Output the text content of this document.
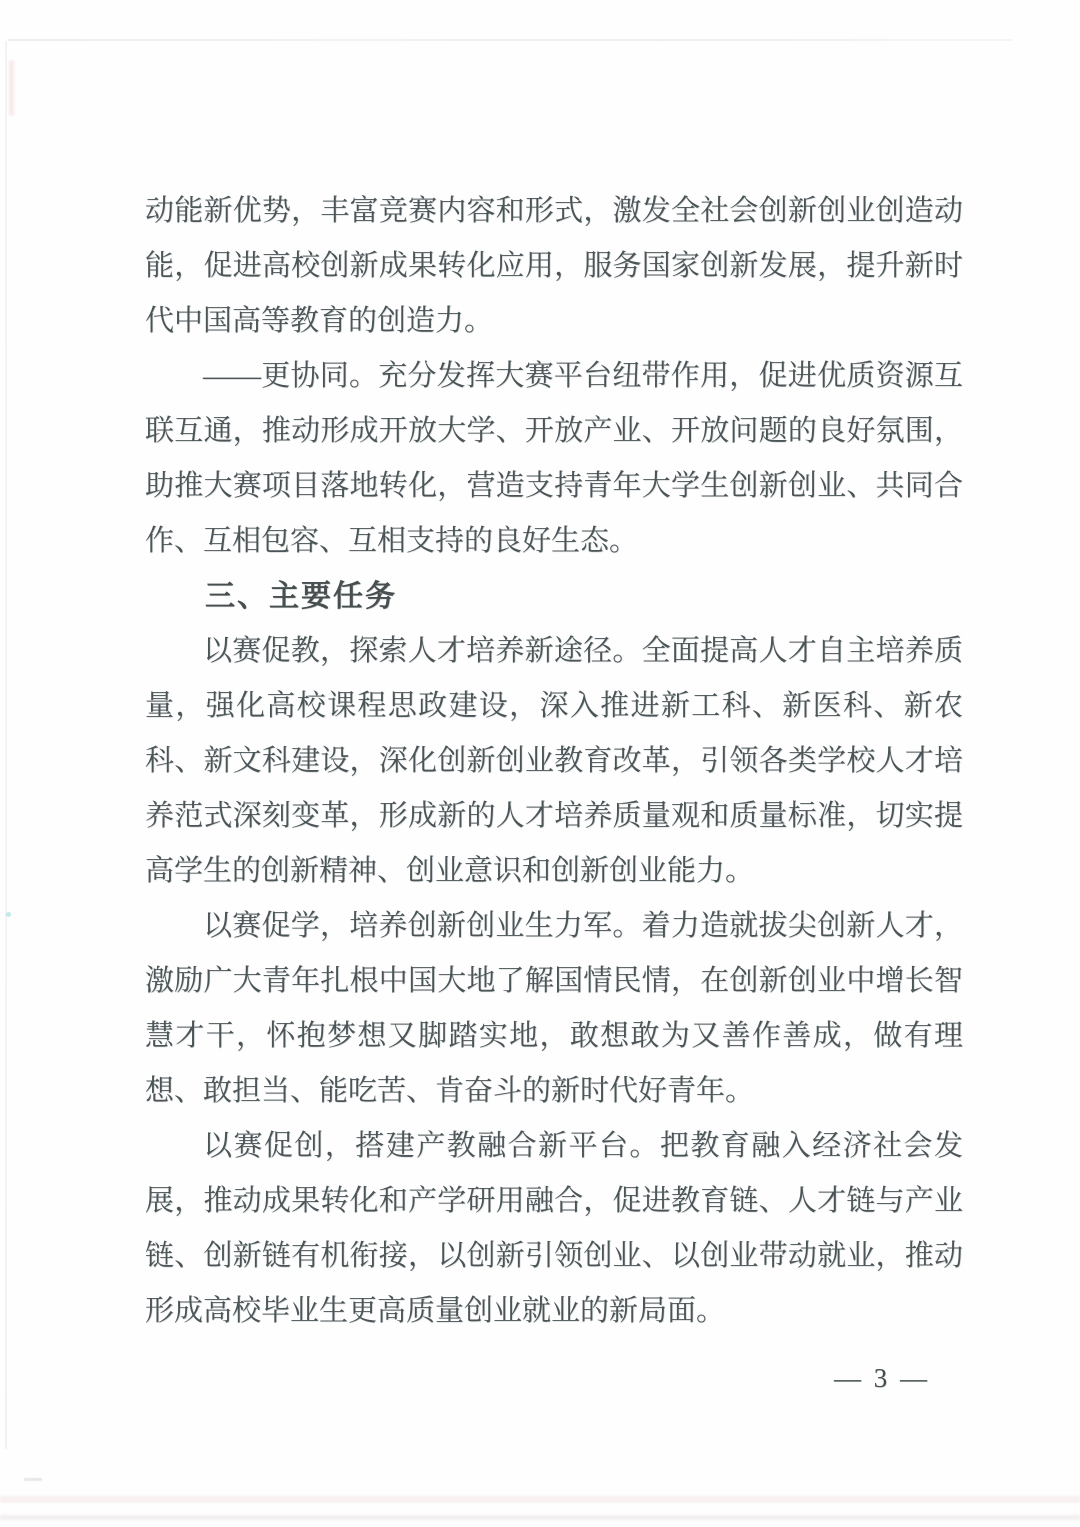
动能新优势，丰富竞赛内容和形式，激发全社会创新创业创造动能，促进高校创新成果转化应用，服务国家创新发展，提升新时代中国高等教育的创造力。

——更协同。充分发挥大赛平台纽带作用，促进优质资源互联互通，推动形成开放大学、开放产业、开放问题的良好氛围，助推大赛项目落地转化，营造支持青年大学生创新创业、共同合作、互相包容、互相支持的良好生态。

三、主要任务

以赛促教，探索人才培养新途径。全面提高人才自主培养质量，强化高校课程思政建设，深入推进新工科、新医科、新农科、新文科建设，深化创新创业教育改革，引领各类学校人才培养范式深刻变革，形成新的人才培养质量观和质量标准，切实提高学生的创新精神、创业意识和创新创业能力。

以赛促学，培养创新创业生力军。着力造就拔尖创新人才，激励广大青年扎根中国大地了解国情民情，在创新创业中增长智慧才干，怀抱梦想又脚踏实地，敢想敢为又善作善成，做有理想、敢担当、能吃苦、肯奋斗的新时代好青年。

以赛促创，搭建产教融合新平台。把教育融入经济社会发展，推动成果转化和产学研用融合，促进教育链、人才链与产业链、创新链有机衔接，以创新引领创业、以创业带动就业，推动形成高校毕业生更高质量创业就业的新局面。

— 3 —
